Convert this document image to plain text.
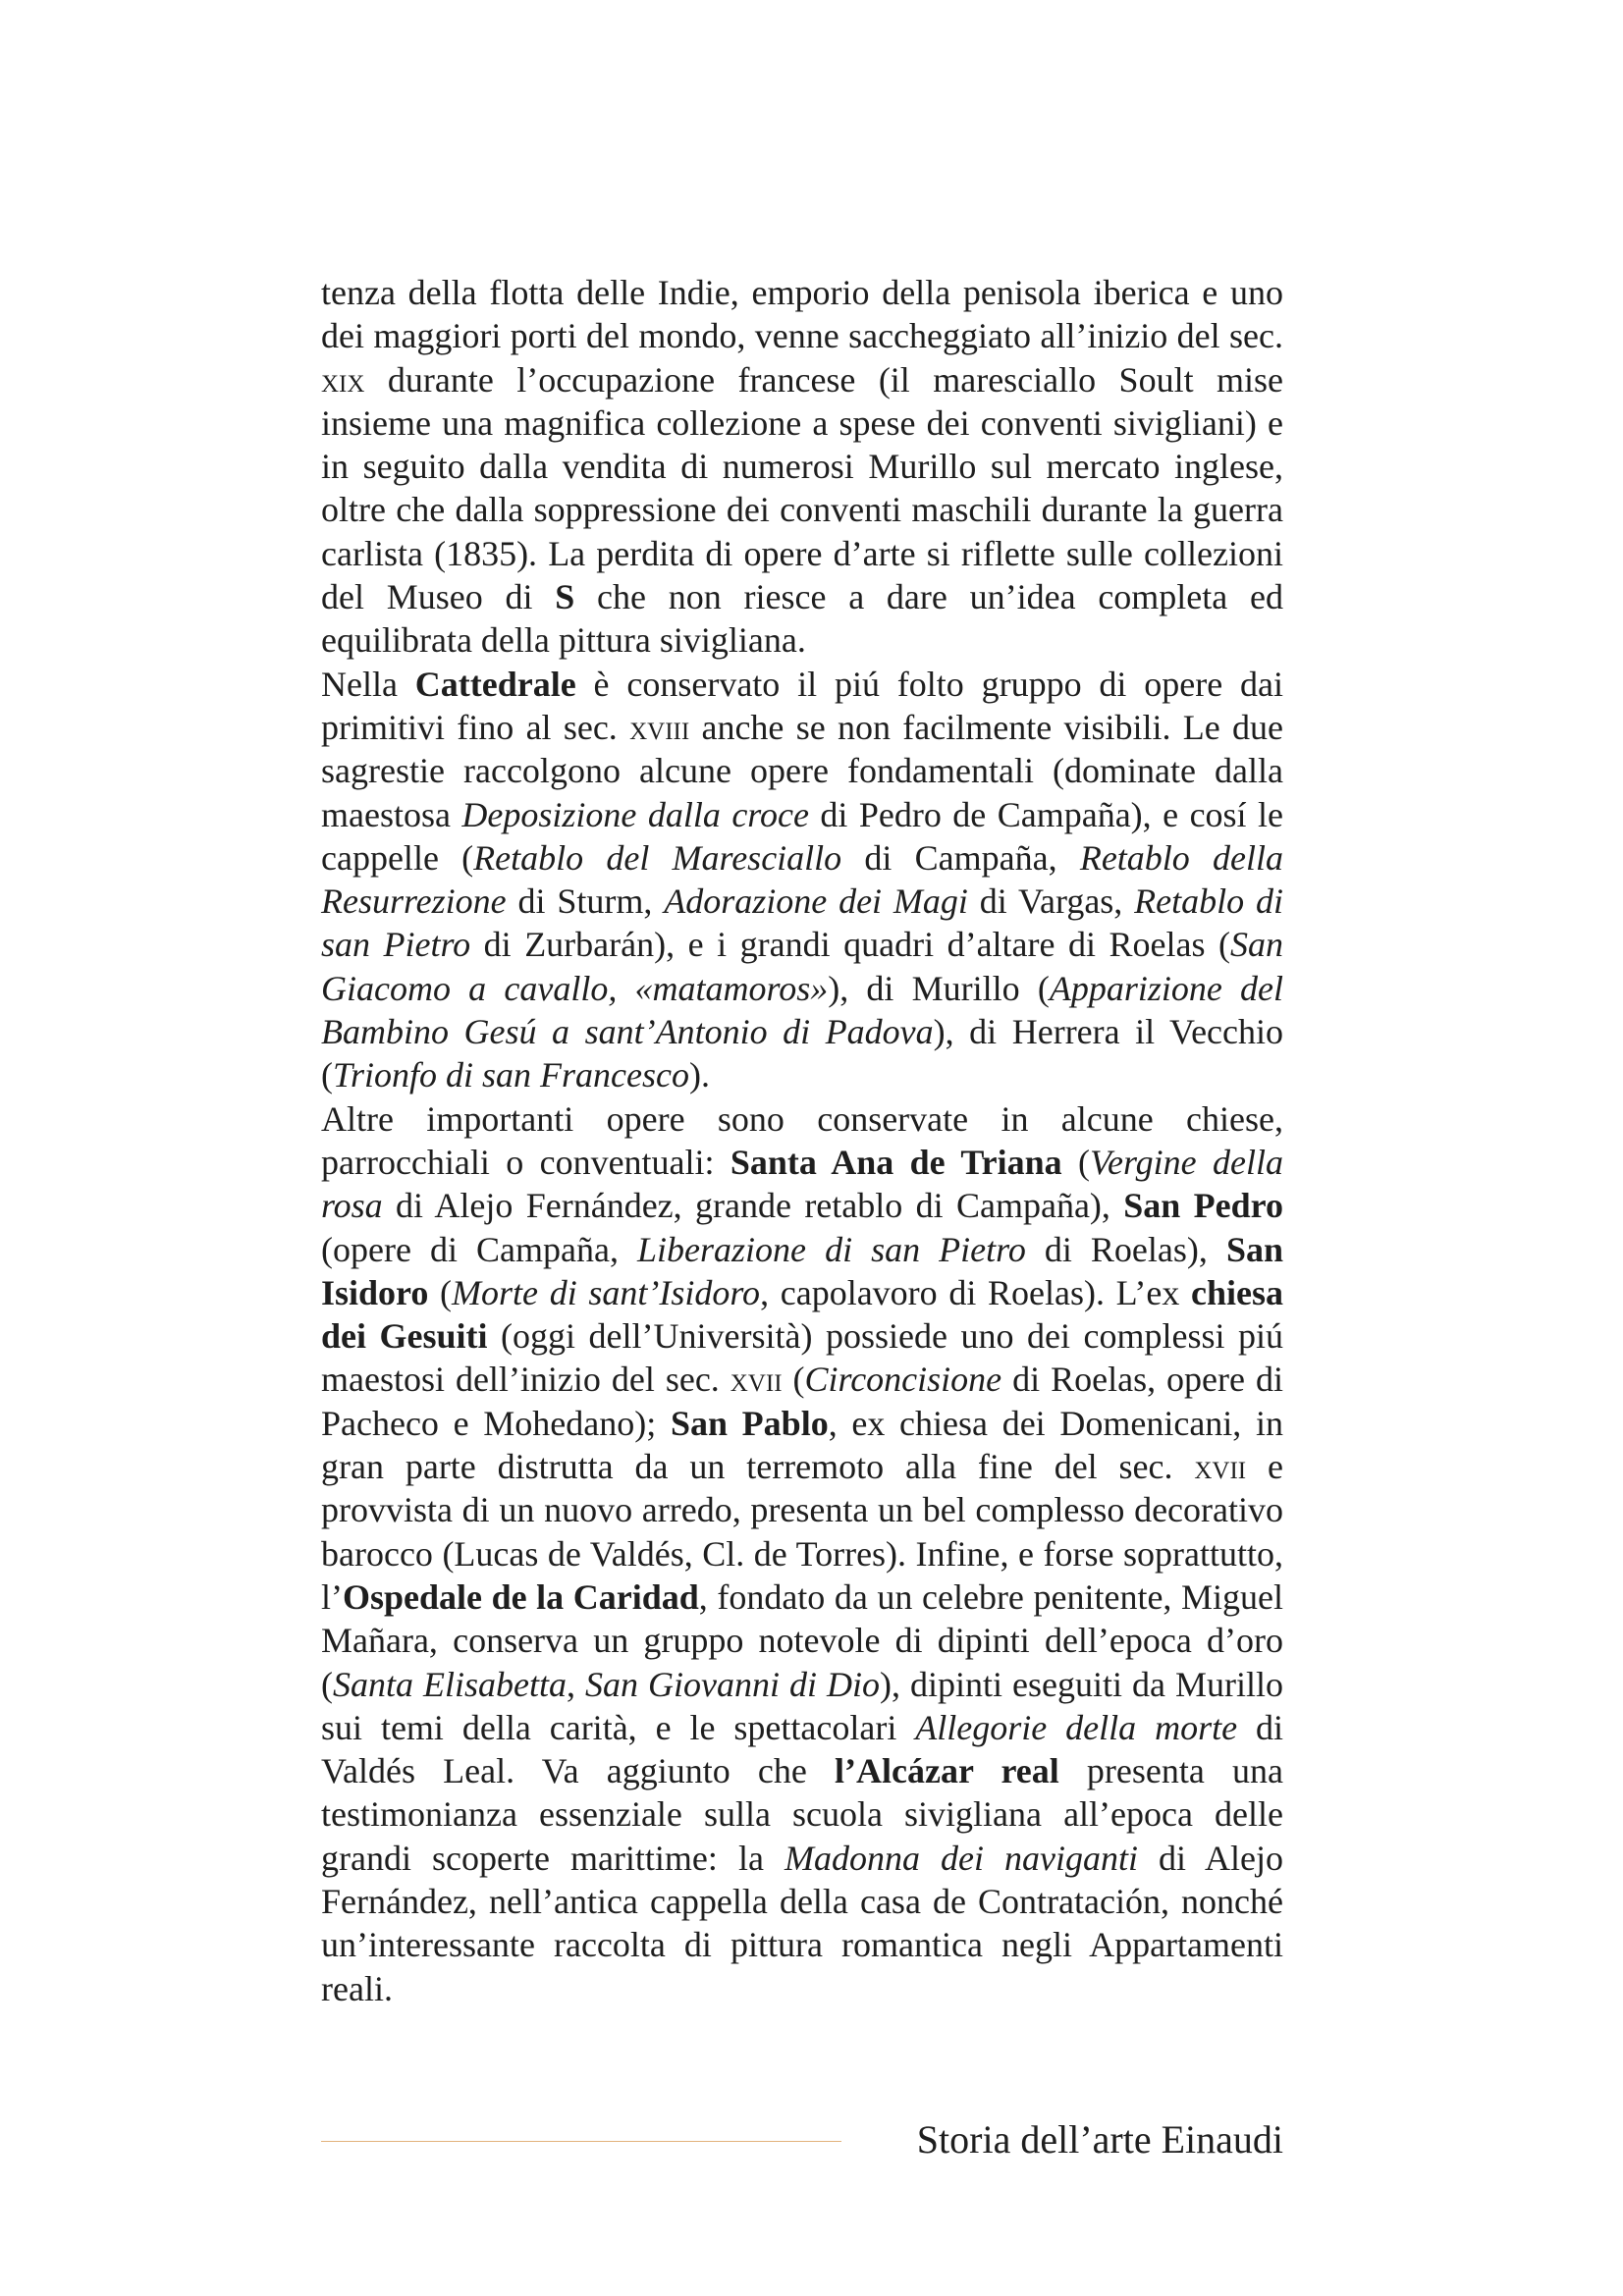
tenza della flotta delle Indie, emporio della penisola iberica e uno dei maggiori porti del mondo, venne saccheggiato all’inizio del sec. xix durante l’occupazione francese (il maresciallo Soult mise insieme una magnifica collezione a spese dei conventi sivigliani) e in seguito dalla vendita di numerosi Murillo sul mercato inglese, oltre che dalla soppressione dei conventi maschili durante la guerra carlista (1835). La perdita di opere d’arte si riflette sulle collezioni del Museo di S che non riesce a dare un’idea completa ed equilibrata della pittura sivigliana.

Nella Cattedrale è conservato il piú folto gruppo di opere dai primitivi fino al sec. xviii anche se non facilmente visibili. Le due sagrestie raccolgono alcune opere fondamentali (dominate dalla maestosa Deposizione dalla croce di Pedro de Campaña), e cosí le cappelle (Retablo del Maresciallo di Campaña, Retablo della Resurrezione di Sturm, Adorazione dei Magi di Vargas, Retablo di san Pietro di Zurbarán), e i grandi quadri d’altare di Roelas (San Giacomo a cavallo, «matamoros»), di Murillo (Apparizione del Bambino Gesú a sant’Antonio di Padova), di Herrera il Vecchio (Trionfo di san Francesco).

Altre importanti opere sono conservate in alcune chiese, parrocchiali o conventuali: Santa Ana de Triana (Vergine della rosa di Alejo Fernández, grande retablo di Campaña), San Pedro (opere di Campaña, Liberazione di san Pietro di Roelas), San Isidoro (Morte di sant’Isidoro, capolavoro di Roelas). L’ex chiesa dei Gesuiti (oggi dell’Università) possiede uno dei complessi piú maestosi dell’inizio del sec. xvii (Circoncisione di Roelas, opere di Pacheco e Mohedano); San Pablo, ex chiesa dei Domenicani, in gran parte distrutta da un terremoto alla fine del sec. xvii e provvista di un nuovo arredo, presenta un bel complesso decorativo barocco (Lucas de Valdés, Cl. de Torres). Infine, e forse soprattutto, l’Ospedale de la Caridad, fondato da un celebre penitente, Miguel Mañara, conserva un gruppo notevole di dipinti dell’epoca d’oro (Santa Elisabetta, San Giovanni di Dio), dipinti eseguiti da Murillo sui temi della carità, e le spettacolari Allegorie della morte di Valdés Leal. Va aggiunto che l’Alcázar real presenta una testimonianza essenziale sulla scuola sivigliana all’epoca delle grandi scoperte marittime: la Madonna dei naviganti di Alejo Fernández, nell’antica cappella della casa de Contratación, nonché un’interessante raccolta di pittura romantica negli Appartamenti reali.

Storia dell’arte Einaudi
